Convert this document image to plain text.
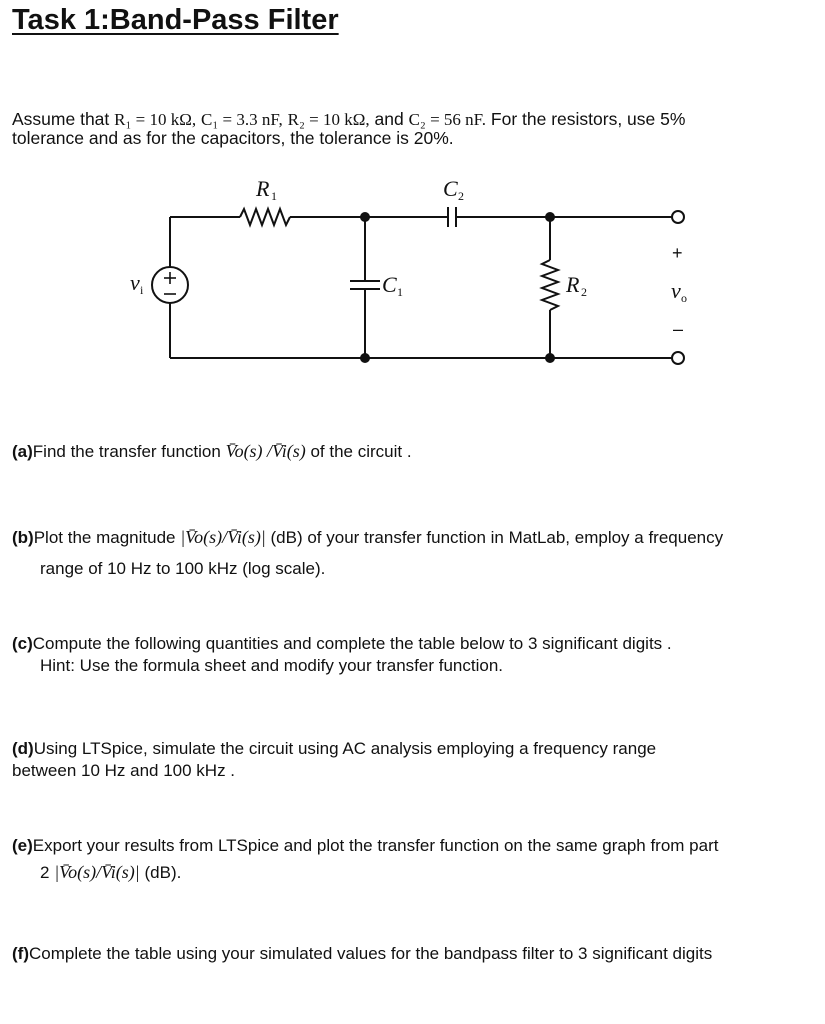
Task 1:Band-Pass Filter
Assume that R₁ = 10 kΩ, C₁ = 3.3 nF, R₂ = 10 kΩ, and C₂ = 56 nF. For the resistors, use 5%
tolerance and as for the capacitors, the tolerance is 20%.
R 1	C 2
C 1	R 2
v i	v o
+
–
(a)Find the transfer function V̄o(s) /V̄i(s) of the circuit .
(b)Plot the magnitude |V̄o(s)/V̄i(s)| (dB) of your transfer function in MatLab, employ a frequency
range of 10 Hz to 100 kHz (log scale).
(c)Compute the following quantities and complete the table below to 3 significant digits .
Hint: Use the formula sheet and modify your transfer function.
(d)Using LTSpice, simulate the circuit using AC analysis employing a frequency range
between 10 Hz and 100 kHz .
(e)Export your results from LTSpice and plot the transfer function on the same graph from part
2 |V̄o(s)/V̄i(s)| (dB).
(f)Complete the table using your simulated values for the bandpass filter to 3 significant digits
